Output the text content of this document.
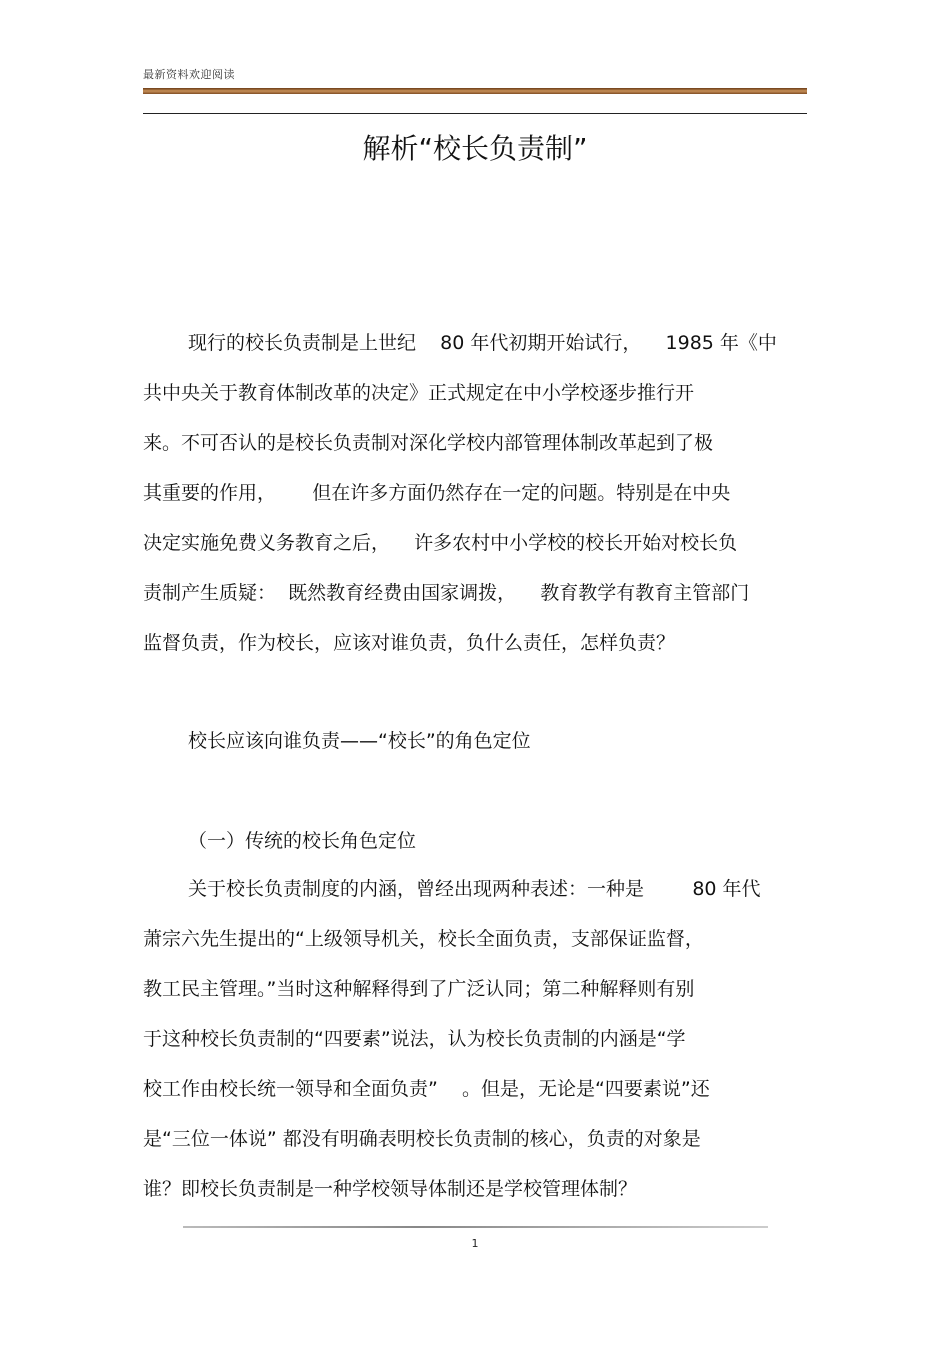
最新资料欢迎阅读
解析“校长负责制”
现行的校长负责制是上世纪    80 年代初期开始试行，    1985 年《中
共中央关于教育体制改革的决定》正式规定在中小学校逐步推行开
来。不可否认的是校长负责制对深化学校内部管理体制改革起到了极
其重要的作用，      但在许多方面仍然存在一定的问题。特别是在中央
决定实施免费义务教育之后，    许多农村中小学校的校长开始对校长负
责制产生质疑：  既然教育经费由国家调拨，    教育教学有教育主管部门
监督负责，作为校长，应该对谁负责，负什么责任，怎样负责？
校长应该向谁负责——“校长”的角色定位
（一）传统的校长角色定位
关于校长负责制度的内涵，曾经出现两种表述：一种是        80 年代
萧宗六先生提出的“上级领导机关，校长全面负责，支部保证监督，
教工民主管理。”当时这种解释得到了广泛认同；第二种解释则有别
于这种校长负责制的“四要素”说法，认为校长负责制的内涵是“学
校工作由校长统一领导和全面负责”    。但是，无论是“四要素说”还
是“三位一体说” 都没有明确表明校长负责制的核心，负责的对象是
谁？即校长负责制是一种学校领导体制还是学校管理体制？
1
